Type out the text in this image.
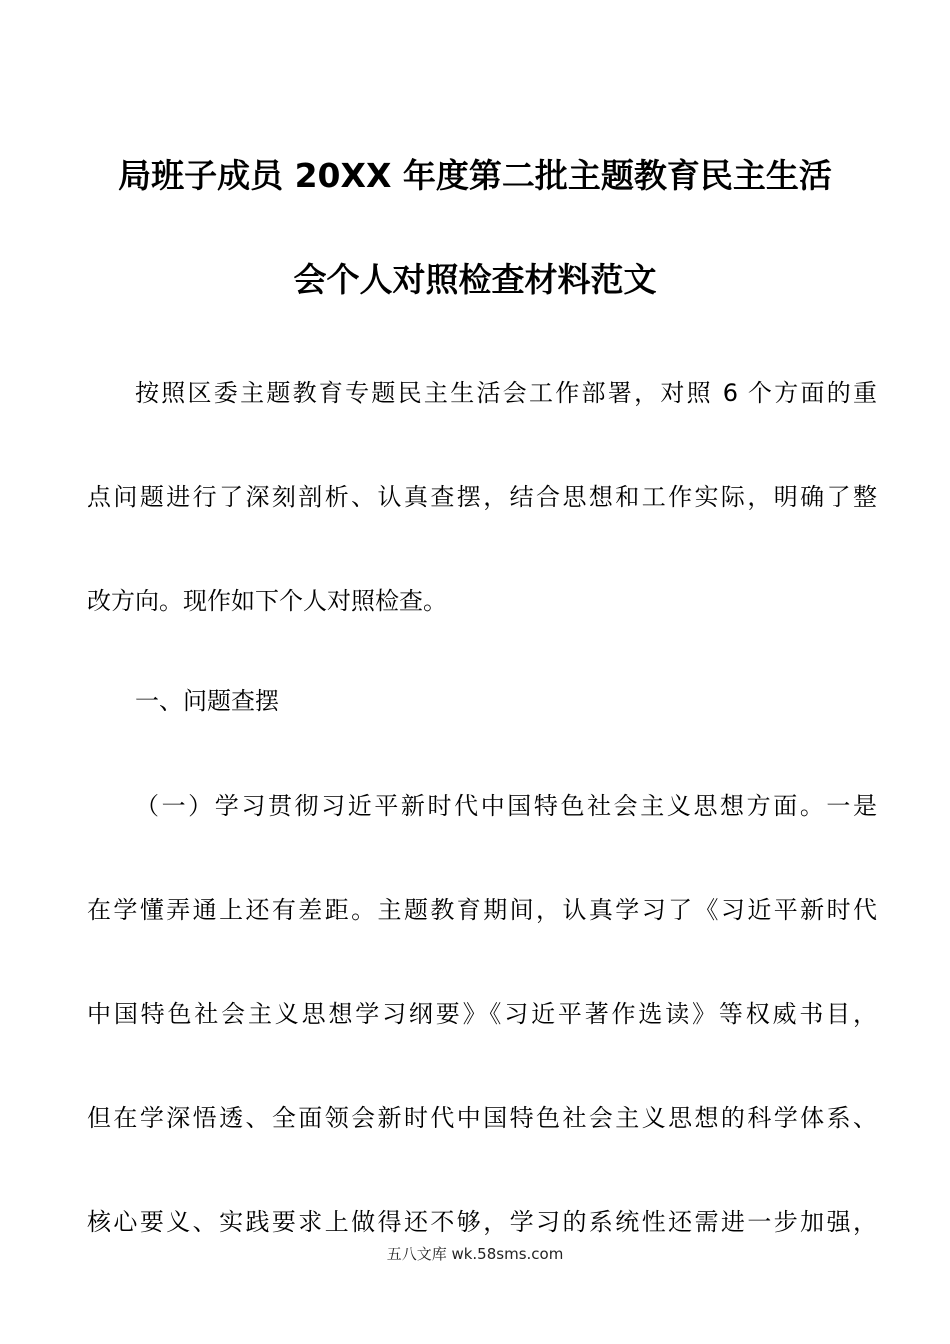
局班子成员 20XX 年度第二批主题教育民主生活
会个人对照检查材料范文
按照区委主题教育专题民主生活会工作部署，对照 6 个方面的重
点问题进行了深刻剖析、认真查摆，结合思想和工作实际，明确了整
改方向。现作如下个人对照检查。
一、问题查摆
（一）学习贯彻习近平新时代中国特色社会主义思想方面。一是
在学懂弄通上还有差距。主题教育期间，认真学习了《习近平新时代
中国特色社会主义思想学习纲要》《习近平著作选读》等权威书目，
但在学深悟透、全面领会新时代中国特色社会主义思想的科学体系、
核心要义、实践要求上做得还不够，学习的系统性还需进一步加强，
五八文库 wk.58sms.com
